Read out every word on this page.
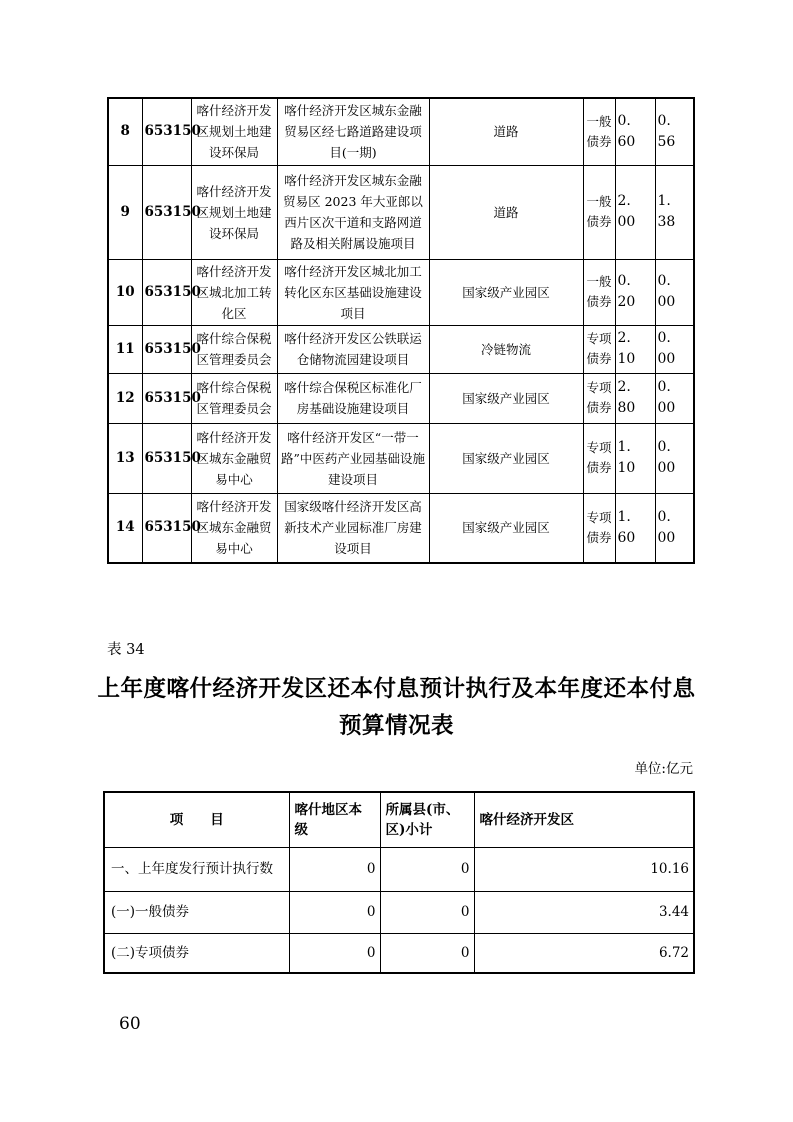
8	653150	喀什经济开发区规划土地建设环保局	喀什经济开发区城东金融贸易区经七路道路建设项目(一期)	道路	一般债券	0. 60	0. 56
9	653150	喀什经济开发区规划土地建设环保局	喀什经济开发区城东金融贸易区 2023 年大亚郎以西片区次干道和支路网道路及相关附属设施项目	道路	一般债券	2. 00	1. 38
10	653150	喀什经济开发区城北加工转化区	喀什经济开发区城北加工转化区东区基础设施建设项目	国家级产业园区	一般债券	0. 20	0. 00
11	653150	喀什综合保税区管理委员会	喀什经济开发区公铁联运仓储物流园建设项目	冷链物流	专项债券	2. 10	0. 00
12	653150	喀什综合保税区管理委员会	喀什综合保税区标准化厂房基础设施建设项目	国家级产业园区	专项债券	2. 80	0. 00
13	653150	喀什经济开发区城东金融贸易中心	喀什经济开发区“一带一路”中医药产业园基础设施建设项目	国家级产业园区	专项债券	1. 10	0. 00
14	653150	喀什经济开发区城东金融贸易中心	国家级喀什经济开发区高新技术产业园标准厂房建设项目	国家级产业园区	专项债券	1. 60	0. 00
表 34
上年度喀什经济开发区还本付息预计执行及本年度还本付息预算情况表
单位:亿元
项　　目	喀什地区本级	所属县(市、区)小计	喀什经济开发区
一、上年度发行预计执行数	0	0	10.16
(一)一般债券	0	0	3.44
(二)专项债券	0	0	6.72
60
